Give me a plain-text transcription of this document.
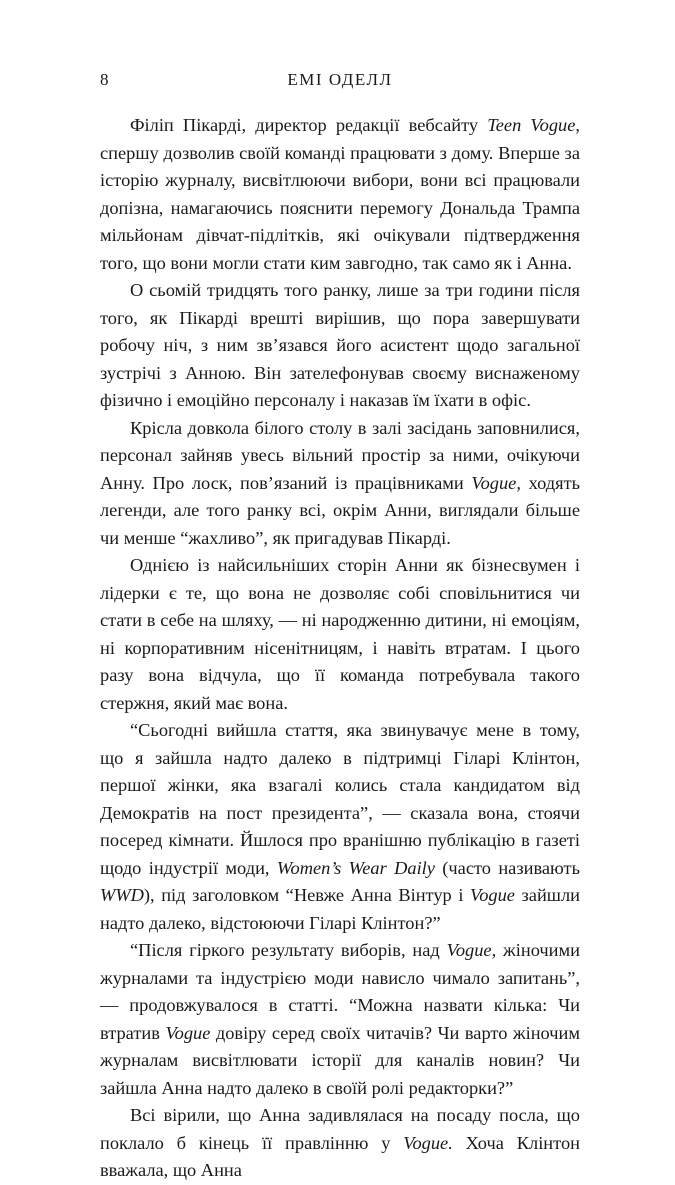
8	ЕМІ ОДЕЛЛ

Філіп Пікарді, директор редакції вебсайту Teen Vogue, спершу дозволив своїй команді працювати з дому. Вперше за історію журналу, висвітлюючи вибори, вони всі працювали допізна, намагаючись пояснити перемогу Дональда Трампа мільйонам дівчат-підлітків, які очікували підтвердження того, що вони могли стати ким завгодно, так само як і Анна.

О сьомій тридцять того ранку, лише за три години після того, як Пікарді врешті вирішив, що пора завершувати робочу ніч, з ним зв’язався його асистент щодо загальної зустрічі з Анною. Він зателефонував своєму виснаженому фізично і емоційно персоналу і наказав їм їхати в офіс.

Крісла довкола білого столу в залі засідань заповнилися, персонал зайняв увесь вільний простір за ними, очікуючи Анну. Про лоск, пов’язаний із працівниками Vogue, ходять легенди, але того ранку всі, окрім Анни, виглядали більше чи менше “жахливо”, як пригадував Пікарді.

Однією із найсильніших сторін Анни як бізнесвумен і лідерки є те, що вона не дозволяє собі сповільнитися чи стати в себе на шляху, — ні народженню дитини, ні емоціям, ні корпоративним нісенітницям, і навіть втратам. І цього разу вона відчула, що її команда потребувала такого стержня, який має вона.

“Сьогодні вийшла стаття, яка звинувачує мене в тому, що я зайшла надто далеко в підтримці Гіларі Клінтон, першої жінки, яка взагалі колись стала кандидатом від Демократів на пост президента”, — сказала вона, стоячи посеред кімнати. Йшлося про вранішню публікацію в газеті щодо індустрії моди, Women’s Wear Daily (часто називають WWD), під заголовком “Невже Анна Вінтур і Vogue зайшли надто далеко, відстоюючи Гіларі Клінтон?”

“Після гіркого результату виборів, над Vogue, жіночими журналами та індустрією моди нависло чимало запитань”, — продовжувалося в статті. “Можна назвати кілька: Чи втратив Vogue довіру серед своїх читачів? Чи варто жіночим журналам висвітлювати історії для каналів новин? Чи зайшла Анна надто далеко в своїй ролі редакторки?”

Всі вірили, що Анна задивлялася на посаду посла, що поклало б кінець її правлінню у Vogue. Хоча Клінтон вважала, що Анна
